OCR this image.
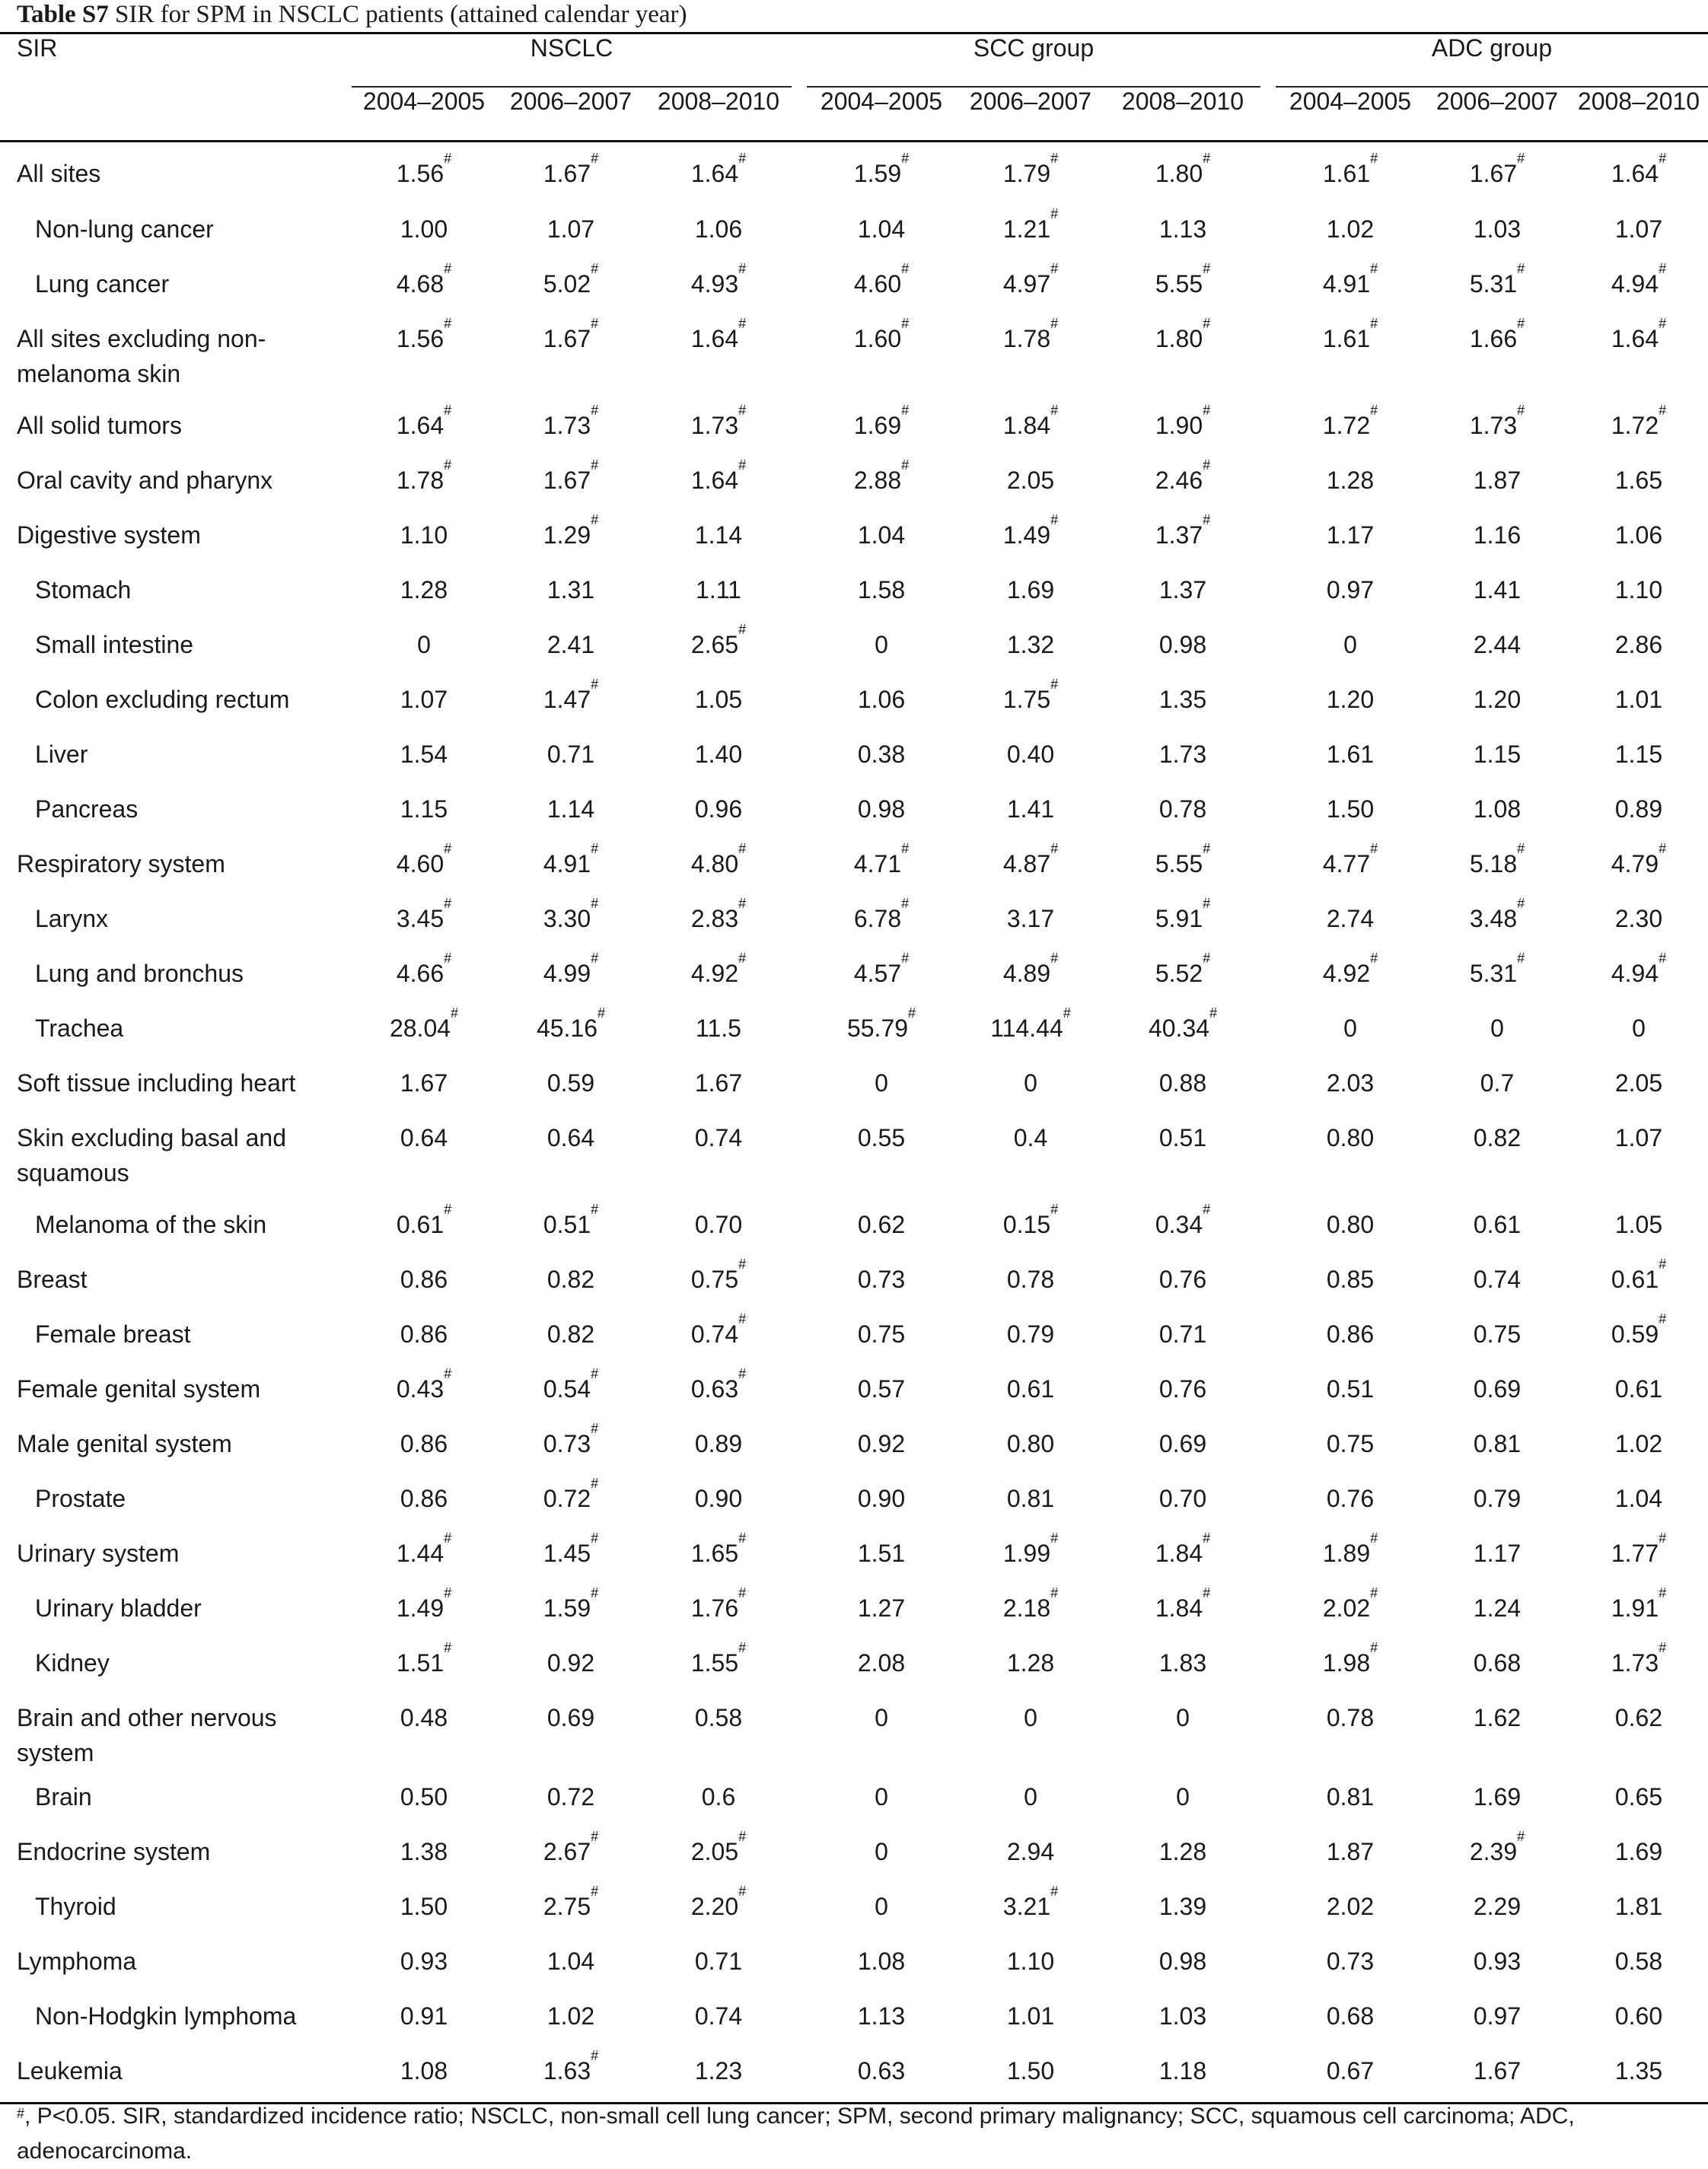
Table S7 SIR for SPM in NSCLC patients (attained calendar year)
SIR	NSCLC				SCC group				ADC group		
	2004–2005	2006–2007	2008–2010		2004–2005	2006–2007	2008–2010		2004–2005	2006–2007	2008–2010
All sites	1.56#	1.67#	1.64#		1.59#	1.79#	1.80#		1.61#	1.67#	1.64#
Non-lung cancer	1.00	1.07	1.06		1.04	1.21#	1.13		1.02	1.03	1.07
Lung cancer	4.68#	5.02#	4.93#		4.60#	4.97#	5.55#		4.91#	5.31#	4.94#
All sites excluding non-melanoma skin	1.56#	1.67#	1.64#		1.60#	1.78#	1.80#		1.61#	1.66#	1.64#
All solid tumors	1.64#	1.73#	1.73#		1.69#	1.84#	1.90#		1.72#	1.73#	1.72#
Oral cavity and pharynx	1.78#	1.67#	1.64#		2.88#	2.05	2.46#		1.28	1.87	1.65
Digestive system	1.10	1.29#	1.14		1.04	1.49#	1.37#		1.17	1.16	1.06
Stomach	1.28	1.31	1.11		1.58	1.69	1.37		0.97	1.41	1.10
Small intestine	0	2.41	2.65#		0	1.32	0.98		0	2.44	2.86
Colon excluding rectum	1.07	1.47#	1.05		1.06	1.75#	1.35		1.20	1.20	1.01
Liver	1.54	0.71	1.40		0.38	0.40	1.73		1.61	1.15	1.15
Pancreas	1.15	1.14	0.96		0.98	1.41	0.78		1.50	1.08	0.89
Respiratory system	4.60#	4.91#	4.80#		4.71#	4.87#	5.55#		4.77#	5.18#	4.79#
Larynx	3.45#	3.30#	2.83#		6.78#	3.17	5.91#		2.74	3.48#	2.30
Lung and bronchus	4.66#	4.99#	4.92#		4.57#	4.89#	5.52#		4.92#	5.31#	4.94#
Trachea	28.04#	45.16#	11.5		55.79#	114.44#	40.34#		0	0	0
Soft tissue including heart	1.67	0.59	1.67		0	0	0.88		2.03	0.7	2.05
Skin excluding basal and squamous	0.64	0.64	0.74		0.55	0.4	0.51		0.80	0.82	1.07
Melanoma of the skin	0.61#	0.51#	0.70		0.62	0.15#	0.34#		0.80	0.61	1.05
Breast	0.86	0.82	0.75#		0.73	0.78	0.76		0.85	0.74	0.61#
Female breast	0.86	0.82	0.74#		0.75	0.79	0.71		0.86	0.75	0.59#
Female genital system	0.43#	0.54#	0.63#		0.57	0.61	0.76		0.51	0.69	0.61
Male genital system	0.86	0.73#	0.89		0.92	0.80	0.69		0.75	0.81	1.02
Prostate	0.86	0.72#	0.90		0.90	0.81	0.70		0.76	0.79	1.04
Urinary system	1.44#	1.45#	1.65#		1.51	1.99#	1.84#		1.89#	1.17	1.77#
Urinary bladder	1.49#	1.59#	1.76#		1.27	2.18#	1.84#		2.02#	1.24	1.91#
Kidney	1.51#	0.92	1.55#		2.08	1.28	1.83		1.98#	0.68	1.73#
Brain and other nervous system	0.48	0.69	0.58		0	0	0		0.78	1.62	0.62
Brain	0.50	0.72	0.6		0	0	0		0.81	1.69	0.65
Endocrine system	1.38	2.67#	2.05#		0	2.94	1.28		1.87	2.39#	1.69
Thyroid	1.50	2.75#	2.20#		0	3.21#	1.39		2.02	2.29	1.81
Lymphoma	0.93	1.04	0.71		1.08	1.10	0.98		0.73	0.93	0.58
Non-Hodgkin lymphoma	0.91	1.02	0.74		1.13	1.01	1.03		0.68	0.97	0.60
Leukemia	1.08	1.63#	1.23		0.63	1.50	1.18		0.67	1.67	1.35
#, P<0.05. SIR, standardized incidence ratio; NSCLC, non-small cell lung cancer; SPM, second primary malignancy; SCC, squamous cell carcinoma; ADC, adenocarcinoma.
